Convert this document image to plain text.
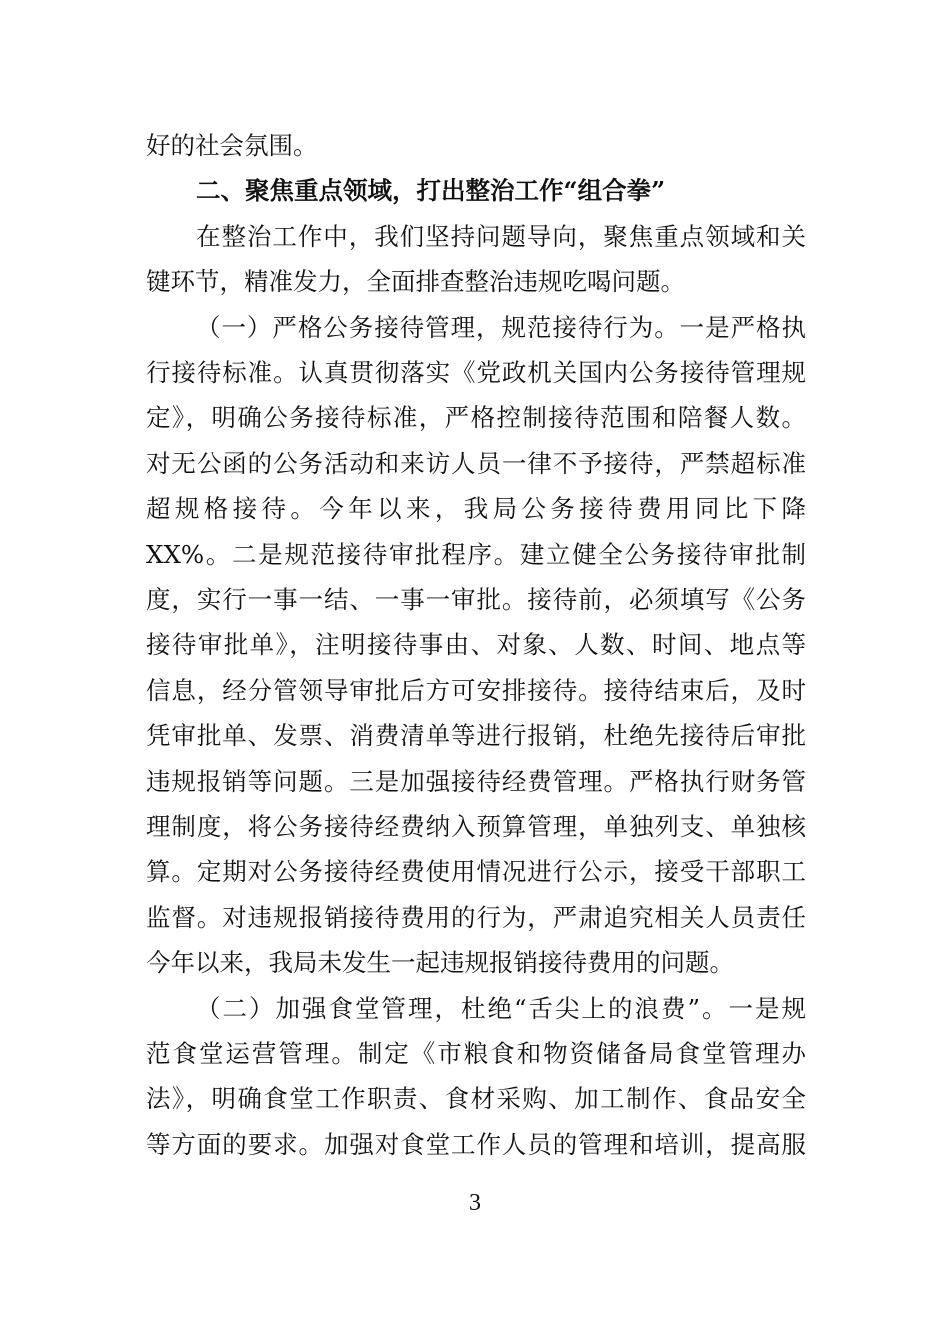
好的社会氛围。
二、聚焦重点领域，打出整治工作“组合拳”
在整治工作中，我们坚持问题导向，聚焦重点领域和关
键环节，精准发力，全面排查整治违规吃喝问题。
（一）严格公务接待管理，规范接待行为。一是严格执
行接待标准。认真贯彻落实《党政机关国内公务接待管理规
定》，明确公务接待标准，严格控制接待范围和陪餐人数。
对无公函的公务活动和来访人员一律不予接待，严禁超标准
超规格接待。今年以来，我局公务接待费用同比下降
XX%。二是规范接待审批程序。建立健全公务接待审批制
度，实行一事一结、一事一审批。接待前，必须填写《公务
接待审批单》，注明接待事由、对象、人数、时间、地点等
信息，经分管领导审批后方可安排接待。接待结束后，及时
凭审批单、发票、消费清单等进行报销，杜绝先接待后审批
违规报销等问题。三是加强接待经费管理。严格执行财务管
理制度，将公务接待经费纳入预算管理，单独列支、单独核
算。定期对公务接待经费使用情况进行公示，接受干部职工
监督。对违规报销接待费用的行为，严肃追究相关人员责任
今年以来，我局未发生一起违规报销接待费用的问题。
（二）加强食堂管理，杜绝“舌尖上的浪费”。一是规
范食堂运营管理。制定《市粮食和物资储备局食堂管理办
法》，明确食堂工作职责、食材采购、加工制作、食品安全
等方面的要求。加强对食堂工作人员的管理和培训，提高服
3
